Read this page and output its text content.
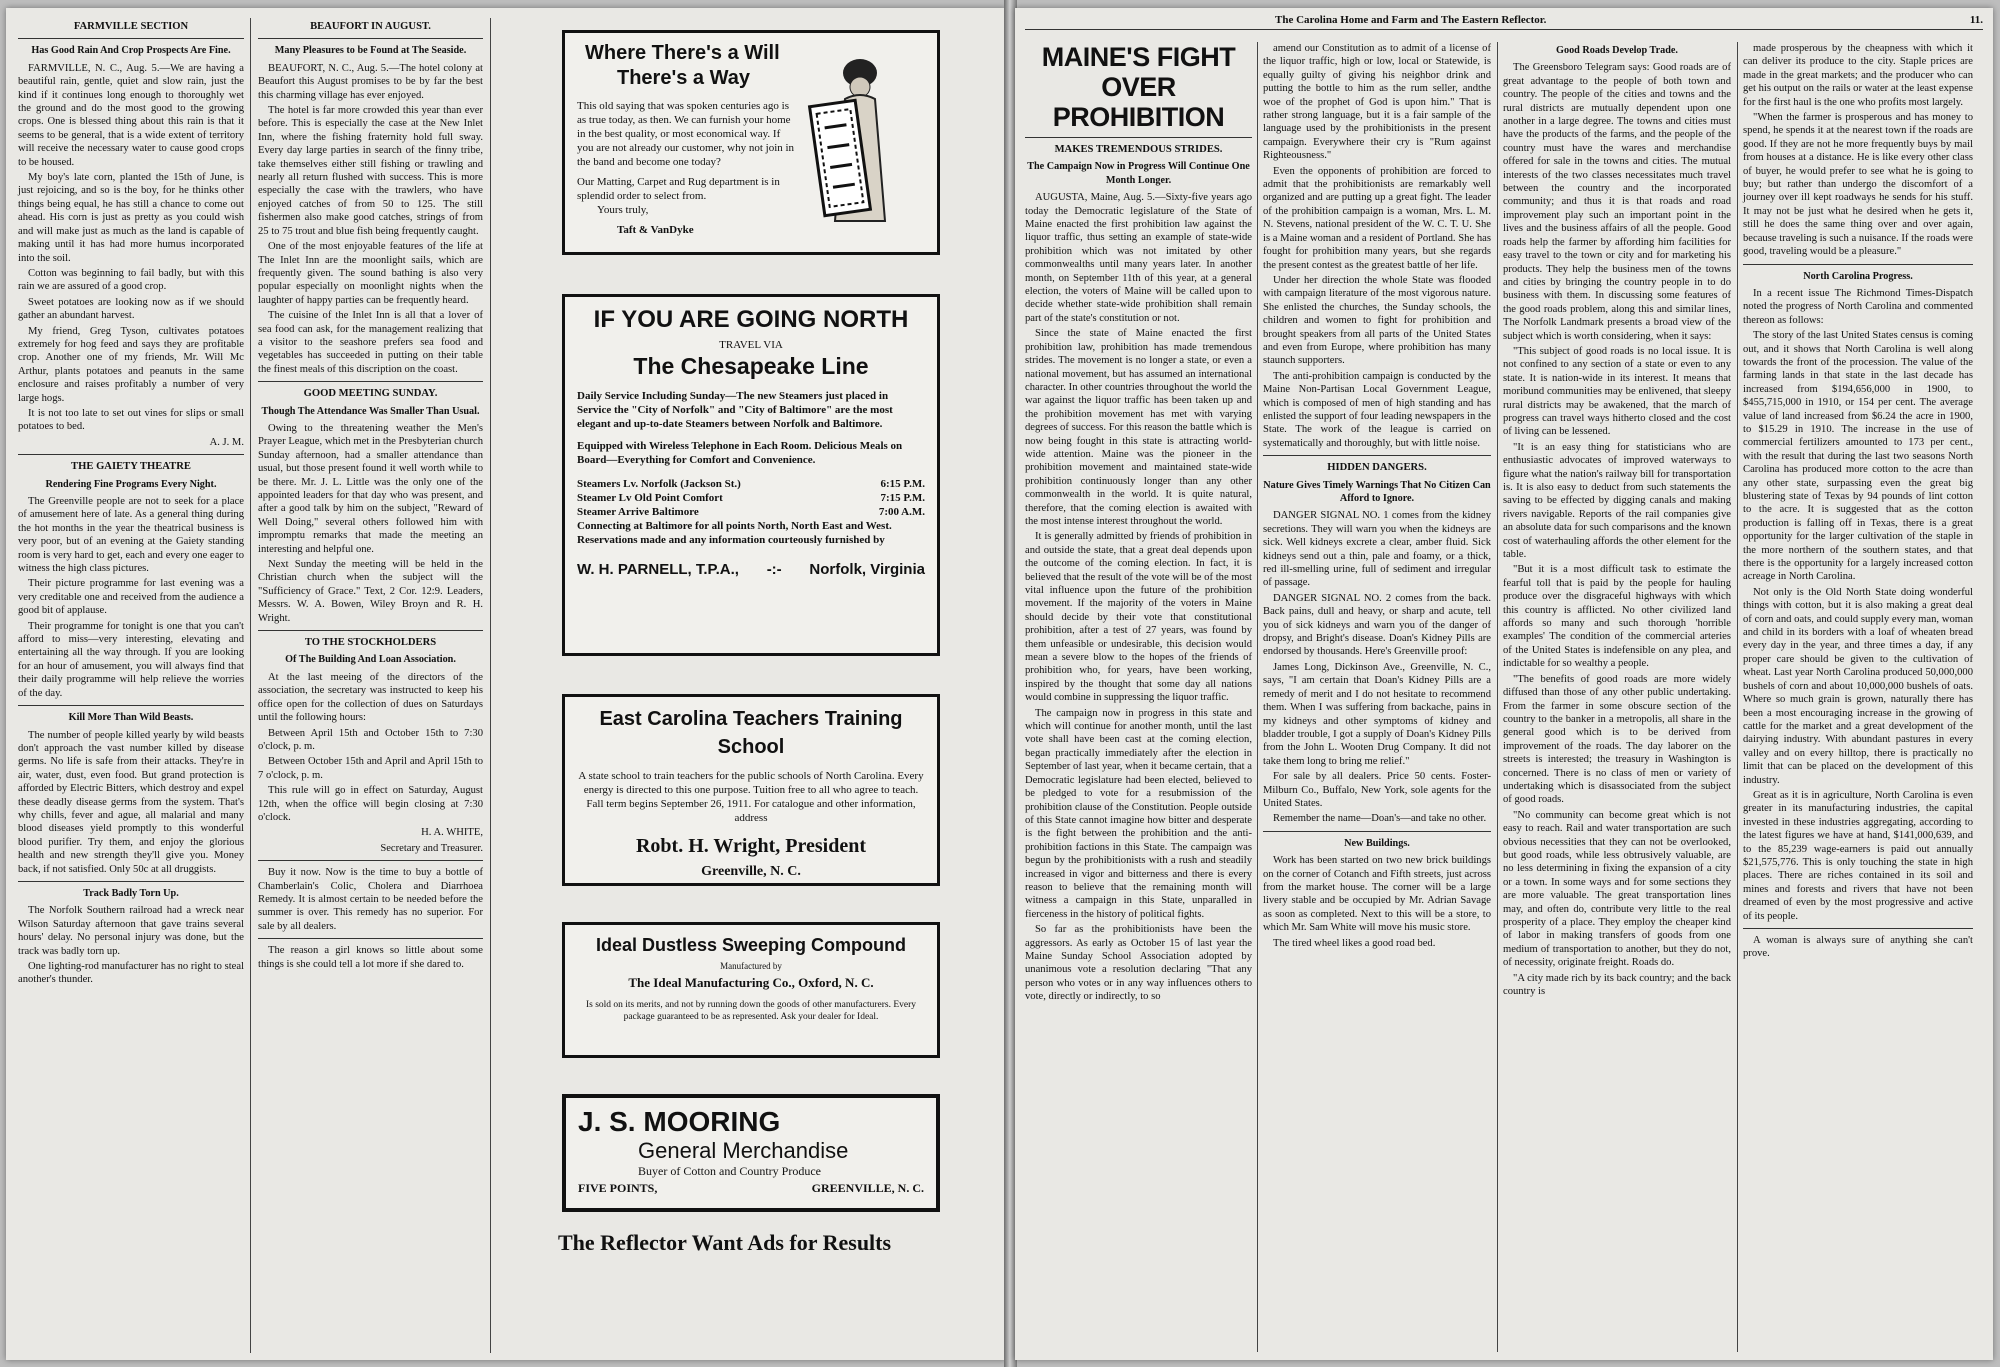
FARMVILLE SECTION
Has Good Rain And Crop Prospects Are Fine.

FARMVILLE, N. C., Aug. 5.—We are having a beautiful rain, gentle, quiet and slow rain, just the kind if it continues long enough to thoroughly wet the ground and do the most good to the growing crops. One is blessed thing about this rain is that it seems to be general, that is a wide extent of territory will receive the necessary water to cause good crops to be housed.

My boy's late corn, planted the 15th of June, is just rejoicing, and so is the boy, for he thinks other things being equal, he has still a chance to come out ahead. His corn is just as pretty as you could wish and will make just as much as the land is capable of making until it has had more humus incorporated into the soil.

Cotton was beginning to fail badly, but with this rain we are assured of a good crop.

Sweet potatoes are looking now as if we should gather an abundant harvest.

My friend, Greg Tyson, cultivates potatoes extremely for hog feed and says they are profitable crop. Another one of my friends, Mr. Will Mc Arthur, plants potatoes and peanuts in the same enclosure and raises profitably a number of very large hogs.

It is not too late to set out vines for slips or small potatoes to bed.

A. J. M.

THE GAIETY THEATRE
Rendering Fine Programs Every Night.

The Greenville people are not to seek for a place of amusement here of late. As a general thing during the hot months in the year the theatrical business is very poor, but of an evening at the Gaiety standing room is very hard to get, each and every one eager to witness the high class pictures.

Their picture programme for last evening was a very creditable one and received from the audience a good bit of applause.

Their programme for tonight is one that you can't afford to miss—very interesting, elevating and entertaining all the way through. If you are looking for an hour of amusement, you will always find that their daily programme will help relieve the worries of the day.

Kill More Than Wild Beasts.

The number of people killed yearly by wild beasts don't approach the vast number killed by disease germs. No life is safe from their attacks. They're in air, water, dust, even food. But grand protection is afforded by Electric Bitters, which destroy and expel these deadly disease germs from the system. That's why chills, fever and ague, all malarial and many blood diseases yield promptly to this wonderful blood purifier. Try them, and enjoy the glorious health and new strength they'll give you. Money back, if not satisfied. Only 50c at all druggists.

Track Badly Torn Up.

The Norfolk Southern railroad had a wreck near Wilson Saturday afternoon that gave trains several hours' delay. No personal injury was done, but the track was badly torn up.

One lighting-rod manufacturer has no right to steal another's thunder.

BEAUFORT IN AUGUST.
Many Pleasures to be Found at The Seaside.

BEAUFORT, N. C., Aug. 5.—The hotel colony at Beaufort this August promises to be by far the best this charming village has ever enjoyed.

The hotel is far more crowded this year than ever before. This is especially the case at the New Inlet Inn, where the fishing fraternity hold full sway. Every day large parties in search of the finny tribe, take themselves either still fishing or trawling and nearly all return flushed with success. This is more especially the case with the trawlers, who have enjoyed catches of from 50 to 125. The still fishermen also make good catches, strings of from 25 to 75 trout and blue fish being frequently caught.

One of the most enjoyable features of the life at The Inlet Inn are the moonlight sails, which are frequently given. The sound bathing is also very popular especially on moonlight nights when the laughter of happy parties can be frequently heard.

The cuisine of the Inlet Inn is all that a lover of sea food can ask, for the management realizing that a visitor to the seashore prefers sea food and vegetables has succeeded in putting on their table the finest meals of this discription on the coast.

GOOD MEETING SUNDAY.
Though The Attendance Was Smaller Than Usual.

Owing to the threatening weather the Men's Prayer League, which met in the Presbyterian church Sunday afternoon, had a smaller attendance than usual, but those present found it well worth while to be there. Mr. J. L. Little was the only one of the appointed leaders for that day who was present, and after a good talk by him on the subject, "Reward of Well Doing," several others followed him with impromptu remarks that made the meeting an interesting and helpful one.

Next Sunday the meeting will be held in the Christian church when the subject will the "Sufficiency of Grace." Text, 2 Cor. 12:9. Leaders, Messrs. W. A. Bowen, Wiley Broyn and R. H. Wright.

TO THE STOCKHOLDERS
Of The Building And Loan Association.

At the last meeing of the directors of the association, the secretary was instructed to keep his office open for the collection of dues on Saturdays until the following hours:

Between April 15th and October 15th to 7:30 o'clock, p. m.

Between October 15th and April and April 15th to 7 o'clock, p. m.

This rule will go in effect on Saturday, August 12th, when the office will begin closing at 7:30 o'clock.

H. A. WHITE,

Secretary and Treasurer.

Buy it now. Now is the time to buy a bottle of Chamberlain's Colic, Cholera and Diarrhoea Remedy. It is almost certain to be needed before the summer is over. This remedy has no superior. For sale by all dealers.

The reason a girl knows so little about some things is she could tell a lot more if she dared to.

Where There's a Will
There's a Way

This old saying that was spoken centuries ago is as true today, as then. We can furnish your home in the best quality, or most economical way. If you are not already our customer, why not join in the band and become one today?

Our Matting, Carpet and Rug department is in splendid order to select from.

Yours truly,

Taft & VanDyke

IF YOU ARE GOING NORTH
TRAVEL VIA
The Chesapeake Line

Daily Service Including Sunday—The new Steamers just placed in Service the "City of Norfolk" and "City of Baltimore" are the most elegant and up-to-date Steamers between Norfolk and Baltimore.

Equipped with Wireless Telephone in Each Room. Delicious Meals on Board—Everything for Comfort and Convenience.

Steamers Lv. Norfolk (Jackson St.)	6:15 P.M.
Steamer Lv Old Point Comfort	7:15 P.M.
Steamer Arrive Baltimore	7:00 A.M.

Connecting at Baltimore for all points North, North East and West. Reservations made and any information courteously furnished by

W. H. PARNELL, T.P.A., -:- Norfolk, Virginia
East Carolina Teachers Training School

A state school to train teachers for the public schools of North Carolina. Every energy is directed to this one purpose. Tuition free to all who agree to teach. Fall term begins September 26, 1911. For catalogue and other information, address

Robt. H. Wright, President
Greenville, N. C.
Ideal Dustless Sweeping Compound
Manufactured by
The Ideal Manufacturing Co., Oxford, N. C.

Is sold on its merits, and not by running down the goods of other manufacturers. Every package guaranteed to be as represented. Ask your dealer for Ideal.

J. S. MOORING
General Merchandise
Buyer of Cotton and Country Produce
FIVE POINTS,	GREENVILLE, N. C.
The Reflector Want Ads for Results
The Carolina Home and Farm and The Eastern Reflector.	11.

MAINE'S FIGHT
OVER PROHIBITION
MAKES TREMENDOUS STRIDES.
The Campaign Now in Progress Will Continue One Month Longer.

AUGUSTA, Maine, Aug. 5.—Sixty-five years ago today the Democratic legislature of the State of Maine enacted the first prohibition law against the liquor traffic, thus setting an example of state-wide prohibition which was not imitated by other commonwealths until many years later. In another month, on September 11th of this year, at a general election, the voters of Maine will be called upon to decide whether state-wide prohibition shall remain part of the state's constitution or not.

Since the state of Maine enacted the first prohibition law, prohibition has made tremendous strides. The movement is no longer a state, or even a national movement, but has assumed an international character. In other countries throughout the world the war against the liquor traffic has been taken up and the prohibition movement has met with varying degrees of success. For this reason the battle which is now being fought in this state is attracting world-wide attention. Maine was the pioneer in the prohibition movement and maintained state-wide prohibition continuously longer than any other commonwealth in the world. It is quite natural, therefore, that the coming election is awaited with the most intense interest throughout the world.

It is generally admitted by friends of prohibition in and outside the state, that a great deal depends upon the outcome of the coming election. In fact, it is believed that the result of the vote will be of the most vital influence upon the future of the prohibition movement. If the majority of the voters in Maine should decide by their vote that constitutional prohibition, after a test of 27 years, was found by them unfeasible or undesirable, this decision would mean a severe blow to the hopes of the friends of prohibition who, for years, have been working, inspired by the thought that some day all nations would combine in suppressing the liquor traffic.

The campaign now in progress in this state and which will continue for another month, until the last vote shall have been cast at the coming election, began practically immediately after the election in September of last year, when it became certain, that a Democratic legislature had been elected, believed to be pledged to vote for a resubmission of the prohibition clause of the Constitution. People outside of this State cannot imagine how bitter and desperate is the fight between the prohibition and the anti-prohibition factions in this State. The campaign was begun by the prohibitionists with a rush and steadily increased in vigor and bitterness and there is every reason to believe that the remaining month will witness a campaign in this State, unparalled in fierceness in the history of political fights.

So far as the prohibitionists have been the aggressors. As early as October 15 of last year the Maine Sunday School Association adopted by unanimous vote a resolution declaring "That any person who votes or in any way influences others to vote, directly or indirectly, to so

amend our Constitution as to admit of a license of the liquor traffic, high or low, local or Statewide, is equally guilty of giving his neighbor drink and putting the bottle to him as the rum seller, andthe woe of the prophet of God is upon him." That is rather strong language, but it is a fair sample of the language used by the prohibitionists in the present campaign. Everywhere their cry is "Rum against Righteousness."

Even the opponents of prohibition are forced to admit that the prohibitionists are remarkably well organized and are putting up a great fight. The leader of the prohibition campaign is a woman, Mrs. L. M. N. Stevens, national president of the W. C. T. U. She is a Maine woman and a resident of Portland. She has fought for prohibition many years, but she regards the present contest as the greatest battle of her life.

Under her direction the whole State was flooded with campaign literature of the most vigorous nature. She enlisted the churches, the Sunday schools, the children and women to fight for prohibition and brought speakers from all parts of the United States and even from Europe, where prohibition has many staunch supporters.

The anti-prohibition campaign is conducted by the Maine Non-Partisan Local Government League, which is composed of men of high standing and has enlisted the support of four leading newspapers in the State. The work of the league is carried on systematically and thoroughly, but with little noise.

HIDDEN DANGERS.
Nature Gives Timely Warnings That No Citizen Can Afford to Ignore.

DANGER SIGNAL NO. 1 comes from the kidney secretions. They will warn you when the kidneys are sick. Well kidneys excrete a clear, amber fluid. Sick kidneys send out a thin, pale and foamy, or a thick, red ill-smelling urine, full of sediment and irregular of passage.

DANGER SIGNAL NO. 2 comes from the back. Back pains, dull and heavy, or sharp and acute, tell you of sick kidneys and warn you of the danger of dropsy, and Bright's disease. Doan's Kidney Pills are endorsed by thousands. Here's Greenville proof:

James Long, Dickinson Ave., Greenville, N. C., says, "I am certain that Doan's Kidney Pills are a remedy of merit and I do not hesitate to recommend them. When I was suffering from backache, pains in my kidneys and other symptoms of kidney and bladder trouble, I got a supply of Doan's Kidney Pills from the John L. Wooten Drug Company. It did not take them long to bring me relief."

For sale by all dealers. Price 50 cents. Foster-Milburn Co., Buffalo, New York, sole agents for the United States.

Remember the name—Doan's—and take no other.

New Buildings.

Work has been started on two new brick buildings on the corner of Cotanch and Fifth streets, just across from the market house. The corner will be a large livery stable and be occupied by Mr. Adrian Savage as soon as completed. Next to this will be a store, to which Mr. Sam White will move his music store.

The tired wheel likes a good road bed.

Good Roads Develop Trade.

The Greensboro Telegram says: Good roads are of great advantage to the people of both town and country. The people of the cities and towns and the rural districts are mutually dependent upon one another in a large degree. The towns and cities must have the products of the farms, and the people of the country must have the wares and merchandise offered for sale in the towns and cities. The mutual interests of the two classes necessitates much travel between the country and the incorporated community; and thus it is that roads and road improvement play such an important point in the lives and the business affairs of all the people. Good roads help the farmer by affording him facilities for easy travel to the town or city and for marketing his products. They help the business men of the towns and cities by bringing the country people in to do business with them. In discussing some features of the good roads problem, along this and similar lines, The Norfolk Landmark presents a broad view of the subject which is worth considering, when it says:

"This subject of good roads is no local issue. It is not confined to any section of a state or even to any state. It is nation-wide in its interest. It means that moribund communities may be enlivened, that sleepy rural districts may be awakened, that the march of progress can travel ways hitherto closed and the cost of living can be lessened.

"It is an easy thing for statisticians who are enthusiastic advocates of improved waterways to figure what the nation's railway bill for transportation is. It is also easy to deduct from such statements the saving to be effected by digging canals and making rivers navigable. Reports of the rail companies give an absolute data for such comparisons and the known cost of waterhauling affords the other element for the table.

"But it is a most difficult task to estimate the fearful toll that is paid by the people for hauling produce over the disgraceful highways with which this country is afflicted. No other civilized land affords so many and such thorough 'horrible examples' The condition of the commercial arteries of the United States is indefensible on any plea, and indictable for so wealthy a people.

"The benefits of good roads are more widely diffused than those of any other public undertaking. From the farmer in some obscure section of the country to the banker in a metropolis, all share in the general good which is to be derived from improvement of the roads. The day laborer on the streets is interested; the treasury in Washington is concerned. There is no class of men or variety of undertaking which is disassociated from the subject of good roads.

"No community can become great which is not easy to reach. Rail and water transportation are such obvious necessities that they can not be overlooked, but good roads, while less obtrusively valuable, are no less determining in fixing the expansion of a city or a town. In some ways and for some sections they are more valuable. The great transportation lines may, and often do, contribute very little to the real prosperity of a place. They employ the cheaper kind of labor in making transfers of goods from one medium of transportation to another, but they do not, of necessity, originate freight. Roads do.

"A city made rich by its back country; and the back country is

made prosperous by the cheapness with which it can deliver its produce to the city. Staple prices are made in the great markets; and the producer who can get his output on the rails or water at the least expense for the first haul is the one who profits most largely.

"When the farmer is prosperous and has money to spend, he spends it at the nearest town if the roads are good. If they are not he more frequently buys by mail from houses at a distance. He is like every other class of buyer, he would prefer to see what he is going to buy; but rather than undergo the discomfort of a journey over ill kept roadways he sends for his stuff. It may not be just what he desired when he gets it, still he does the same thing over and over again, because traveling is such a nuisance. If the roads were good, traveling would be a pleasure."

North Carolina Progress.

In a recent issue The Richmond Times-Dispatch noted the progress of North Carolina and commented thereon as follows:

The story of the last United States census is coming out, and it shows that North Carolina is well along towards the front of the procession. The value of the farming lands in that state in the last decade has increased from $194,656,000 in 1900, to $455,715,000 in 1910, or 154 per cent. The average value of land increased from $6.24 the acre in 1900, to $15.29 in 1910. The increase in the use of commercial fertilizers amounted to 173 per cent., with the result that during the last two seasons North Carolina has produced more cotton to the acre than any other state, surpassing even the great big blustering state of Texas by 94 pounds of lint cotton to the acre. It is suggested that as the cotton production is falling off in Texas, there is a great opportunity for the larger cultivation of the staple in the more northern of the southern states, and that there is the opportunity for a largely increased cotton acreage in North Carolina.

Not only is the Old North State doing wonderful things with cotton, but it is also making a great deal of corn and oats, and could supply every man, woman and child in its borders with a loaf of wheaten bread every day in the year, and three times a day, if any proper care should be given to the cultivation of wheat. Last year North Carolina produced 50,000,000 bushels of corn and about 10,000,000 bushels of oats. Where so much grain is grown, naturally there has been a most encouraging increase in the growing of cattle for the market and a great development of the dairying industry. With abundant pastures in every valley and on every hilltop, there is practically no limit that can be placed on the development of this industry.

Great as it is in agriculture, North Carolina is even greater in its manufacturing industries, the capital invested in these industries aggregating, according to the latest figures we have at hand, $141,000,639, and to the 85,239 wage-earners is paid out annually $21,575,776. This is only touching the state in high places. There are riches contained in its soil and mines and forests and rivers that have not been dreamed of even by the most progressive and active of its people.

A woman is always sure of anything she can't prove.
